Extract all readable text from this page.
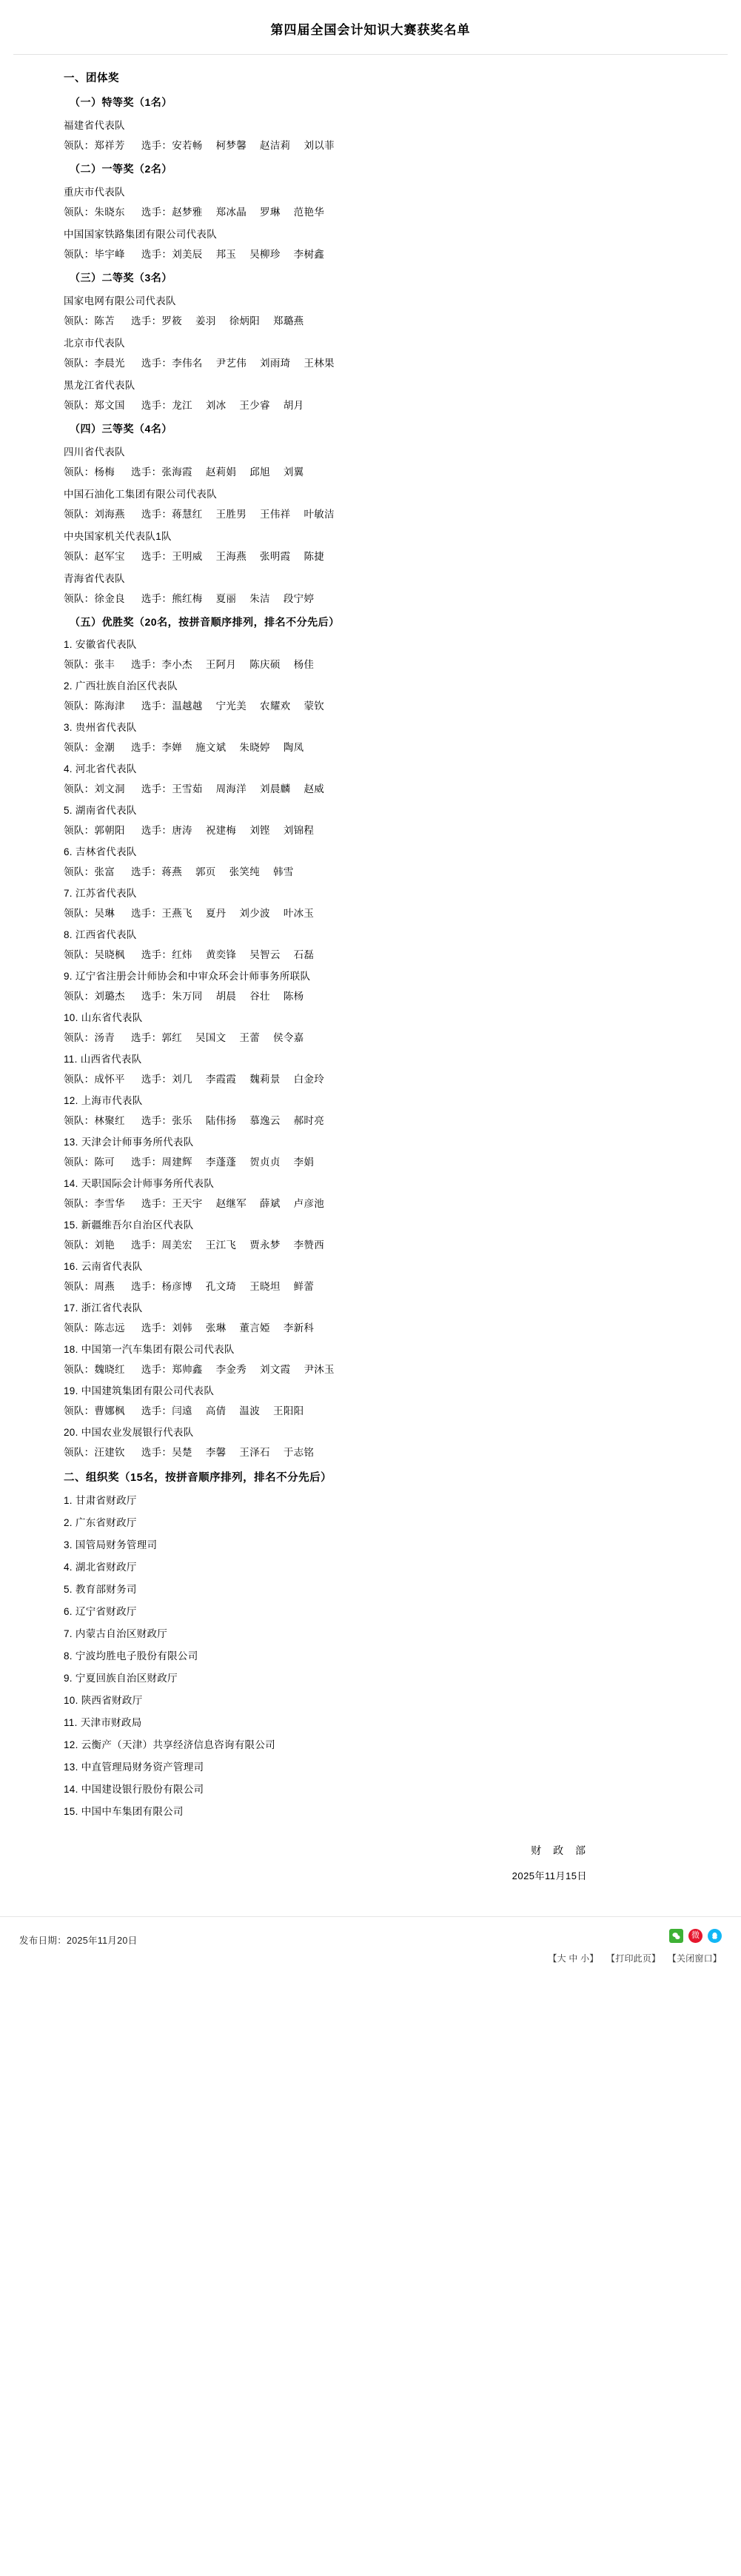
第四届全国会计知识大赛获奖名单
一、团体奖
（一）特等奖（1名）
福建省代表队
领队：郑祥芳 选手：安若畅 柯梦馨 赵洁莉 刘以菲
（二）一等奖（2名）
重庆市代表队
领队：朱晓东 选手：赵梦雅 郑冰晶 罗琳 范艳华
中国国家铁路集团有限公司代表队
领队：毕宇峰 选手：刘美辰 邦玉 吴柳珍 李树鑫
（三）二等奖（3名）
国家电网有限公司代表队
领队：陈苫 选手：罗筱 姜羽 徐炳阳 郑璐燕
北京市代表队
领队：李晨光 选手：李伟名 尹艺伟 刘雨琦 王林果
黑龙江省代表队
领队：郑文国 选手：龙江 刘冰 王少睿 胡月
（四）三等奖（4名）
四川省代表队
领队：杨梅 选手：张海霞 赵莉娟 邱旭 刘翼
中国石油化工集团有限公司代表队
领队：刘海燕 选手：蒋慧红 王胜男 王伟祥 叶敏洁
中央国家机关代表队1队
领队：赵军宝 选手：王明威 王海燕 张明霞 陈捷
青海省代表队
领队：徐金良 选手：熊红梅 夏丽 朱洁 段宁婷
（五）优胜奖（20名，按拼音顺序排列，排名不分先后）
1. 安徽省代表队
领队：张丰 选手：李小杰 王阿月 陈庆硕 杨佳
2. 广西壮族自治区代表队
领队：陈海津 选手：温越越 宁光美 农耀欢 蒙钦
3. 贵州省代表队
领队：金潮 选手：李婵 施文斌 朱晓婷 陶凤
4. 河北省代表队
领队：刘文洞 选手：王雪茹 周海洋 刘晨麟 赵威
5. 湖南省代表队
领队：郭朝阳 选手：唐涛 祝建梅 刘铿 刘锦程
6. 吉林省代表队
领队：张富 选手：蒋燕 郭页 张笑纯 韩雪
7. 江苏省代表队
领队：吴琳 选手：王燕飞 夏丹 刘少波 叶冰玉
8. 江西省代表队
领队：吴晓枫 选手：红炜 黄奕锋 吴智云 石磊
9. 辽宁省注册会计师协会和中审众环会计师事务所联队
领队：刘璐杰 选手：朱万同 胡晨 谷壮 陈杨
10. 山东省代表队
领队：汤青 选手：郭红 吴国文 王蕾 侯令嘉
11. 山西省代表队
领队：成怀平 选手：刘几 李霞霞 魏莉景 白金玲
12. 上海市代表队
领队：林聚红 选手：张乐 陆伟扬 慕逸云 郝时亮
13. 天津会计师事务所代表队
领队：陈可 选手：周建辉 李蓬蓬 贺贞贞 李娟
14. 天职国际会计师事务所代表队
领队：李雪华 选手：王天宇 赵继军 薛斌 卢彦池
15. 新疆维吾尔自治区代表队
领队：刘艳 选手：周美宏 王江飞 贾永梦 李赞西
16. 云南省代表队
领队：周燕 选手：杨彦博 孔文琦 王晓坦 鲜蕾
17. 浙江省代表队
领队：陈志远 选手：刘韩 张琳 董言婭 李新科
18. 中国第一汽车集团有限公司代表队
领队：魏晓红 选手：郑帅鑫 李金秀 刘文霞 尹沐玉
19. 中国建筑集团有限公司代表队
领队：曹娜枫 选手：闫遠 高倩 温波 王阳阳
20. 中国农业发展银行代表队
领队：汪建钦 选手：吴楚 李馨 王泽石 于志铭
二、组织奖（15名，按拼音顺序排列，排名不分先后）
1. 甘肃省财政厅
2. 广东省财政厅
3. 国管局财务管理司
4. 湖北省财政厅
5. 教育部财务司
6. 辽宁省财政厅
7. 内蒙古自治区财政厅
8. 宁波均胜电子股份有限公司
9. 宁夏回族自治区财政厅
10. 陕西省财政厅
11. 天津市财政局
12. 云衡产（天津）共享经济信息咨询有限公司
13. 中直管理局财务资产管理司
14. 中国建设银行股份有限公司
15. 中国中车集团有限公司
财 政 部
2025年11月15日
发布日期：2025年11月20日	微
【大 中 小】 【打印此页】 【关闭窗口】
